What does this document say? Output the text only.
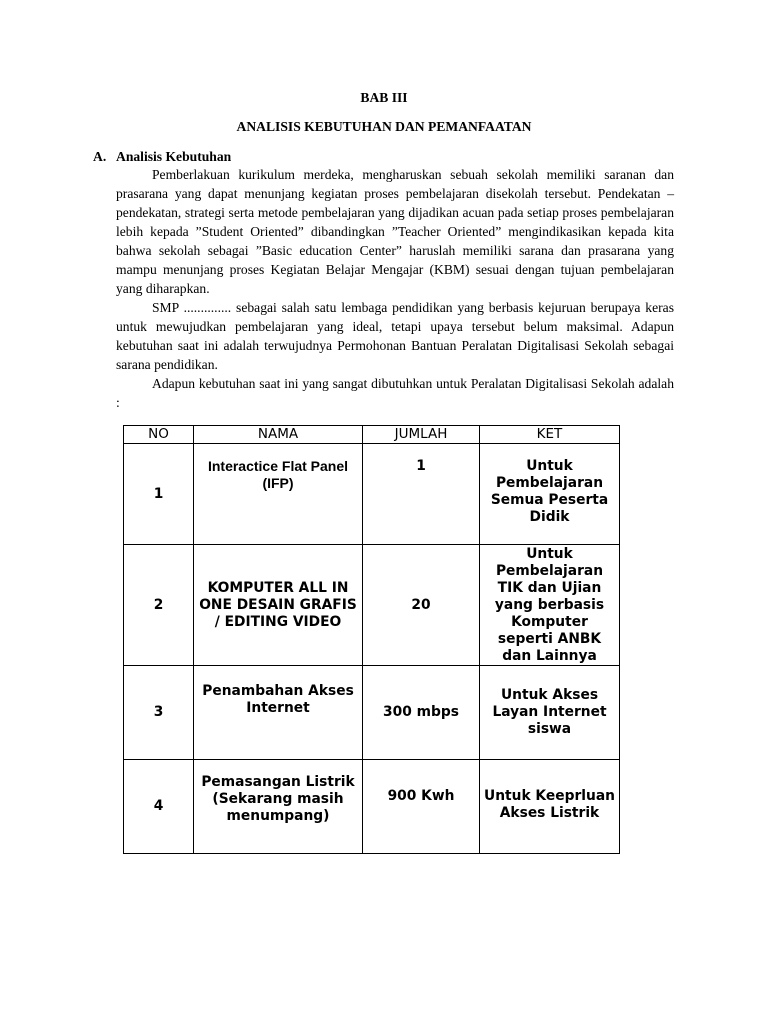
BAB III
ANALISIS KEBUTUHAN DAN PEMANFAATAN
A. Analisis Kebutuhan

Pemberlakuan kurikulum merdeka, mengharuskan sebuah sekolah memiliki saranan dan prasarana yang dapat menunjang kegiatan proses pembelajaran disekolah tersebut. Pendekatan – pendekatan, strategi serta metode pembelajaran yang dijadikan acuan pada setiap proses pembelajaran lebih kepada ”Student Oriented” dibandingkan ”Teacher Oriented” mengindikasikan kepada kita bahwa sekolah sebagai ”Basic education Center” haruslah memiliki sarana dan prasarana yang mampu menunjang proses Kegiatan Belajar Mengajar (KBM) sesuai dengan tujuan pembelajaran yang diharapkan.

SMP .............. sebagai salah satu lembaga pendidikan yang berbasis kejuruan berupaya keras untuk mewujudkan pembelajaran yang ideal, tetapi upaya tersebut belum maksimal. Adapun kebutuhan saat ini adalah terwujudnya Permohonan Bantuan Peralatan Digitalisasi Sekolah sebagai sarana pendidikan.

Adapun kebutuhan saat ini yang sangat dibutuhkan untuk Peralatan Digitalisasi Sekolah adalah :

NO	NAMA	JUMLAH	KET
1	Interactice Flat Panel (IFP)	1	Untuk Pembelajaran Semua Peserta Didik
2	KOMPUTER ALL IN ONE DESAIN GRAFIS / EDITING VIDEO	20	Untuk Pembelajaran TIK dan Ujian yang berbasis Komputer seperti ANBK dan Lainnya
3	Penambahan Akses Internet	300 mbps	Untuk Akses Layan Internet siswa
4	Pemasangan Listrik (Sekarang masih menumpang)	900 Kwh	Untuk Keeprluan Akses Listrik
